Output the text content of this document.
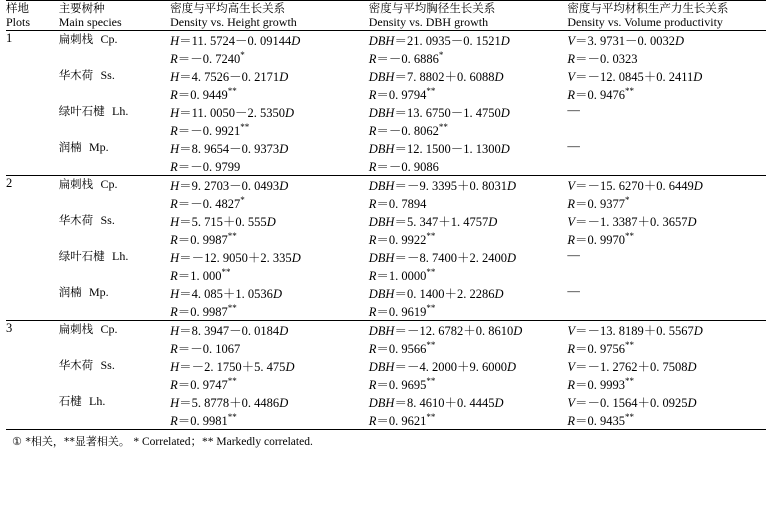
样地	主要树种	密度与平均高生长关系	密度与平均胸径生长关系	密度与平均材积生产力生长关系
Plots	Main species	Density vs. Height growth	Density vs. DBH growth	Density vs. Volume productivity
1	扁刺栈  Cp.	H＝11. 5724－0. 09144D	DBH＝21. 0935－0. 1521D	V＝3. 9731－0. 0032D
		R＝－0. 7240*	R＝－0. 6886*	R＝－0. 0323
	华木荷  Ss.	H＝4. 7526－0. 2171D	DBH＝7. 8802＋0. 6088D	V＝－12. 0845＋0. 2411D
		R＝0. 9449**	R＝0. 9794**	R＝0. 9476**
	绿叶石楗  Lh.	H＝11. 0050－2. 5350D	DBH＝13. 6750－1. 4750D	—
		R＝－0. 9921**	R＝－0. 8062**	
	润楠  Mp.	H＝8. 9654－0. 9373D	DBH＝12. 1500－1. 1300D	—
		R＝－0. 9799	R＝－0. 9086	
2	扁刺栈  Cp.	H＝9. 2703－0. 0493D	DBH＝－9. 3395＋0. 8031D	V＝－15. 6270＋0. 6449D
		R＝－0. 4827*	R＝0. 7894	R＝0. 9377*
	华木荷  Ss.	H＝5. 715＋0. 555D	DBH＝5. 347＋1. 4757D	V＝－1. 3387＋0. 3657D
		R＝0. 9987**	R＝0. 9922**	R＝0. 9970**
	绿叶石楗  Lh.	H＝－12. 9050＋2. 335D	DBH＝－8. 7400＋2. 2400D	—
		R＝1. 000**	R＝1. 0000**	
	润楠  Mp.	H＝4. 085＋1. 0536D	DBH＝0. 1400＋2. 2286D	—
		R＝0. 9987**	R＝0. 9619**	
3	扁刺栈  Cp.	H＝8. 3947－0. 0184D	DBH＝－12. 6782＋0. 8610D	V＝－13. 8189＋0. 5567D
		R＝－0. 1067	R＝0. 9566**	R＝0. 9756**
	华木荷  Ss.	H＝－2. 1750＋5. 475D	DBH＝－4. 2000＋9. 6000D	V＝－1. 2762＋0. 7508D
		R＝0. 9747**	R＝0. 9695**	R＝0. 9993**
	石楗  Lh.	H＝5. 8778＋0. 4486D	DBH＝8. 4610＋0. 4445D	V＝－0. 1564＋0. 0925D
		R＝0. 9981**	R＝0. 9621**	R＝0. 9435**

① *相关，**显著相关。 * Correlated；** Markedly correlated.
